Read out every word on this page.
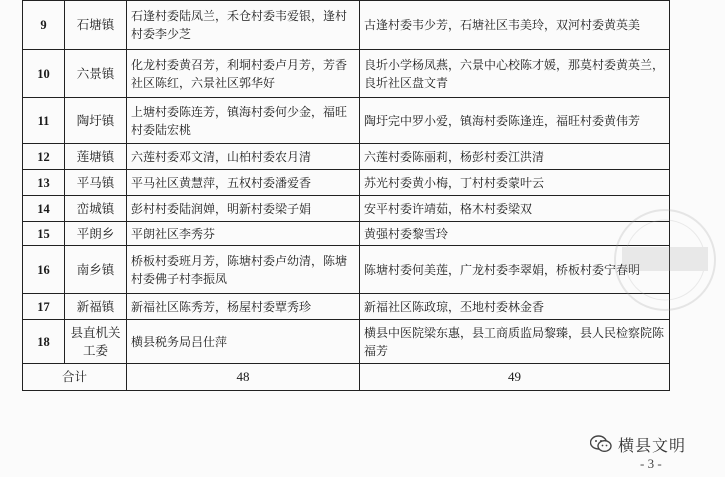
9	石塘镇	石逢村委陆凤兰，禾仓村委韦爱银，逢村村委李少芝	古逢村委韦少芳，石塘社区韦美玲，双河村委黄英美
10	六景镇	化龙村委黄召芳，利垌村委卢月芳，芳香社区陈红，六景社区郭华好	良圻小学杨凤燕，六景中心校陈才媛，那莫村委黄英兰，良圻社区盘文青
11	陶圩镇	上塘村委陈连芳，镇海村委何少金，福旺村委陆宏桃	陶圩完中罗小爱，镇海村委陈逢连，福旺村委黄伟芳
12	莲塘镇	六莲村委邓文清，山柏村委农月清	六莲村委陈丽莉，杨彭村委江洪清
13	平马镇	平马社区黄慧萍，五权村委潘爱香	苏光村委黄小梅，丁村村委蒙叶云
14	峦城镇	彭村村委陆润婵，明新村委梁子娟	安平村委许靖茹，格木村委梁双
15	平朗乡	平朗社区李秀芬	黄强村委黎雪玲
16	南乡镇	桥板村委班月芳，陈塘村委卢幼清，陈塘村委佛子村李振凤	陈塘村委何美莲，广龙村委李翠娟，桥板村委宁春明
17	新福镇	新福社区陈秀芳，杨屋村委覃秀珍	新福社区陈政琼，丕地村委林金香
18	县直机关工委	横县税务局吕仕萍	横县中医院梁东惠，县工商质监局黎臻，县人民检察院陈福芳
合计		48	49
横县文明
- 3 -
